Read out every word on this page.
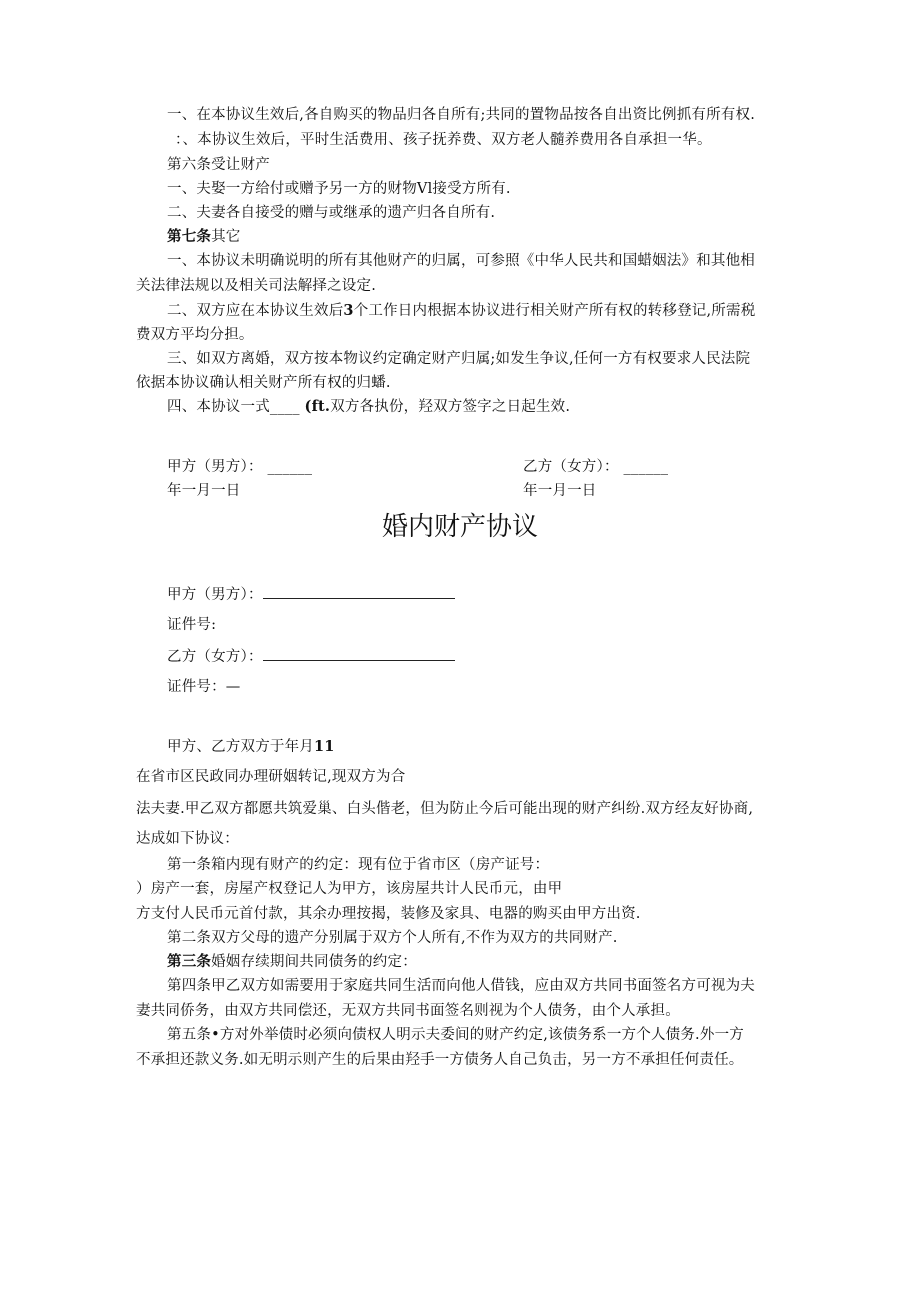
一、在本协议生效后,各自购买的物品归各自所有;共同的置物品按各自出资比例抓有所有权.
：、本协议生效后，平时生活费用、孩子抚养费、双方老人髓养费用各自承担一华。
第六条受让财产
一、夫娶一方给付或赠予另一方的财物Vl接受方所有.
二、夫妻各自接受的赠与或继承的遗产归各自所有.
第七条其它
一、本协议未明确说明的所有其他财产的归属，可参照《中华人民共和国蜡姻法》和其他相
关法律法规以及相关司法解择之设定.
二、双方应在本协议生效后3个工作日内根据本协议进行相关财产所有权的转移登记,所需税
费双方平均分担。
三、如双方离婚，双方按本物议约定确定财产归属;如发生争议,任何一方有权要求人民法院
依据本协议确认相关财产所有权的归蟠.
四、本协议一式____ (ft.双方各执份，羟双方签字之日起生效.
甲方（男方）： ______	乙方（女方）： ______
年一月一日	年一月一日
婚内财产协议
甲方（男方）：
证件号:
乙方（女方）：
证件号：—
甲方、乙方双方于年月11
在省市区民政同办理研姻转记,现双方为合
法夫妻.甲乙双方都愿共筑爱巢、白头偕老，但为防止今后可能出现的财产纠纷.双方经友好协商,
达成如下协议：
第一条箱内现有财产的约定：现有位于省市区（房产证号：
）房产一套，房屋产权登记人为甲方，该房屋共计人民币元，由甲
方支付人民币元首付款，其余办理按揭，装修及家具、电器的购买由甲方出资.
第二条双方父母的遗产分别属于双方个人所有,不作为双方的共同财产.
第三条婚姻存续期间共同债务的约定：
第四条甲乙双方如需要用于家庭共同生活而向他人借钱，应由双方共同书面签名方可视为夫
妻共同侨务，由双方共同偿还，无双方共同书面签名则视为个人债务，由个人承担。
第五条•方对外举债时必须向债权人明示夫委间的财产约定,该债务系一方个人债务.外一方
不承担还款义务.如无明示则产生的后果由羟手一方债务人自己负击，另一方不承担任何责任。
